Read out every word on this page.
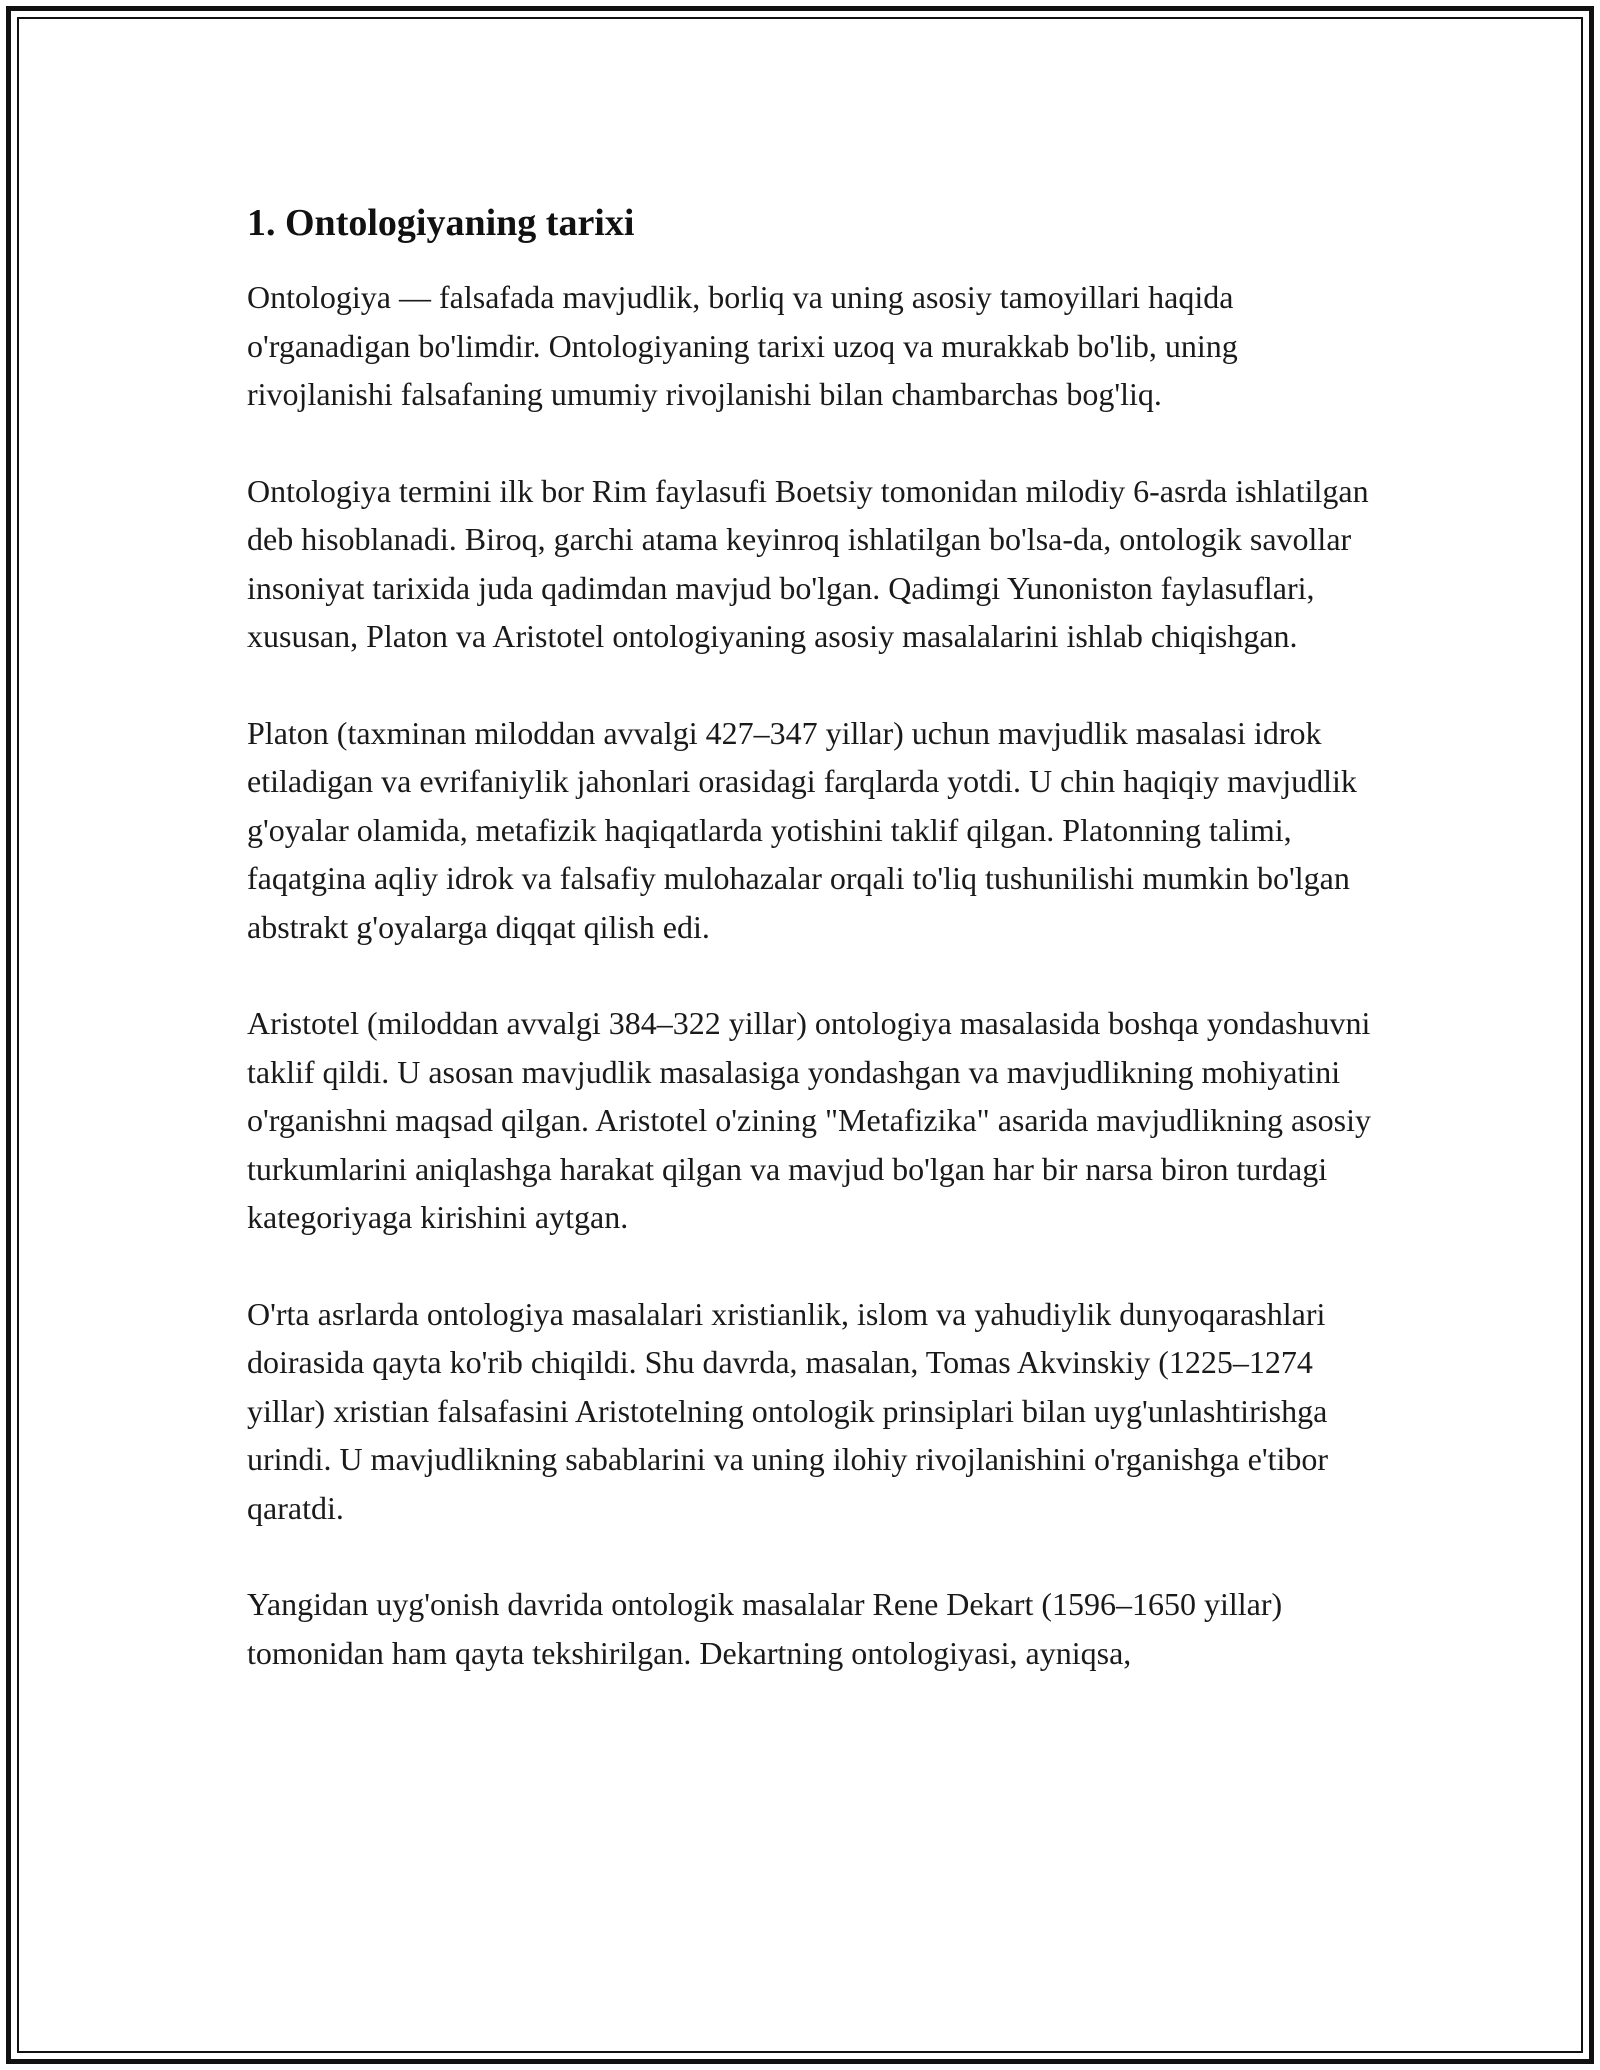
1. Ontologiyaning tarixi

Ontologiya — falsafada mavjudlik, borliq va uning asosiy tamoyillari haqida o'rganadigan bo'limdir. Ontologiyaning tarixi uzoq va murakkab bo'lib, uning rivojlanishi falsafaning umumiy rivojlanishi bilan chambarchas bog'liq.

Ontologiya termini ilk bor Rim faylasufi Boetsiy tomonidan milodiy 6-asrda ishlatilgan deb hisoblanadi. Biroq, garchi atama keyinroq ishlatilgan bo'lsa-da, ontologik savollar insoniyat tarixida juda qadimdan mavjud bo'lgan. Qadimgi Yunoniston faylasuflari, xususan, Platon va Aristotel ontologiyaning asosiy masalalarini ishlab chiqishgan.

Platon (taxminan miloddan avvalgi 427–347 yillar) uchun mavjudlik masalasi idrok etiladigan va evrifaniylik jahonlari orasidagi farqlarda yotdi. U chin haqiqiy mavjudlik g'oyalar olamida, metafizik haqiqatlarda yotishini taklif qilgan. Platonning talimi, faqatgina aqliy idrok va falsafiy mulohazalar orqali to'liq tushunilishi mumkin bo'lgan abstrakt g'oyalarga diqqat qilish edi.

Aristotel (miloddan avvalgi 384–322 yillar) ontologiya masalasida boshqa yondashuvni taklif qildi. U asosan mavjudlik masalasiga yondashgan va mavjudlikning mohiyatini o'rganishni maqsad qilgan. Aristotel o'zining "Metafizika" asarida mavjudlikning asosiy turkumlarini aniqlashga harakat qilgan va mavjud bo'lgan har bir narsa biron turdagi kategoriyaga kirishini aytgan.

O'rta asrlarda ontologiya masalalari xristianlik, islom va yahudiylik dunyoqarashlari doirasida qayta ko'rib chiqildi. Shu davrda, masalan, Tomas Akvinskiy (1225–1274 yillar) xristian falsafasini Aristotelning ontologik prinsiplari bilan uyg'unlashtirishga urindi. U mavjudlikning sabablarini va uning ilohiy rivojlanishini o'rganishga e'tibor qaratdi.

Yangidan uyg'onish davrida ontologik masalalar Rene Dekart (1596–1650 yillar) tomonidan ham qayta tekshirilgan. Dekartning ontologiyasi, ayniqsa,
